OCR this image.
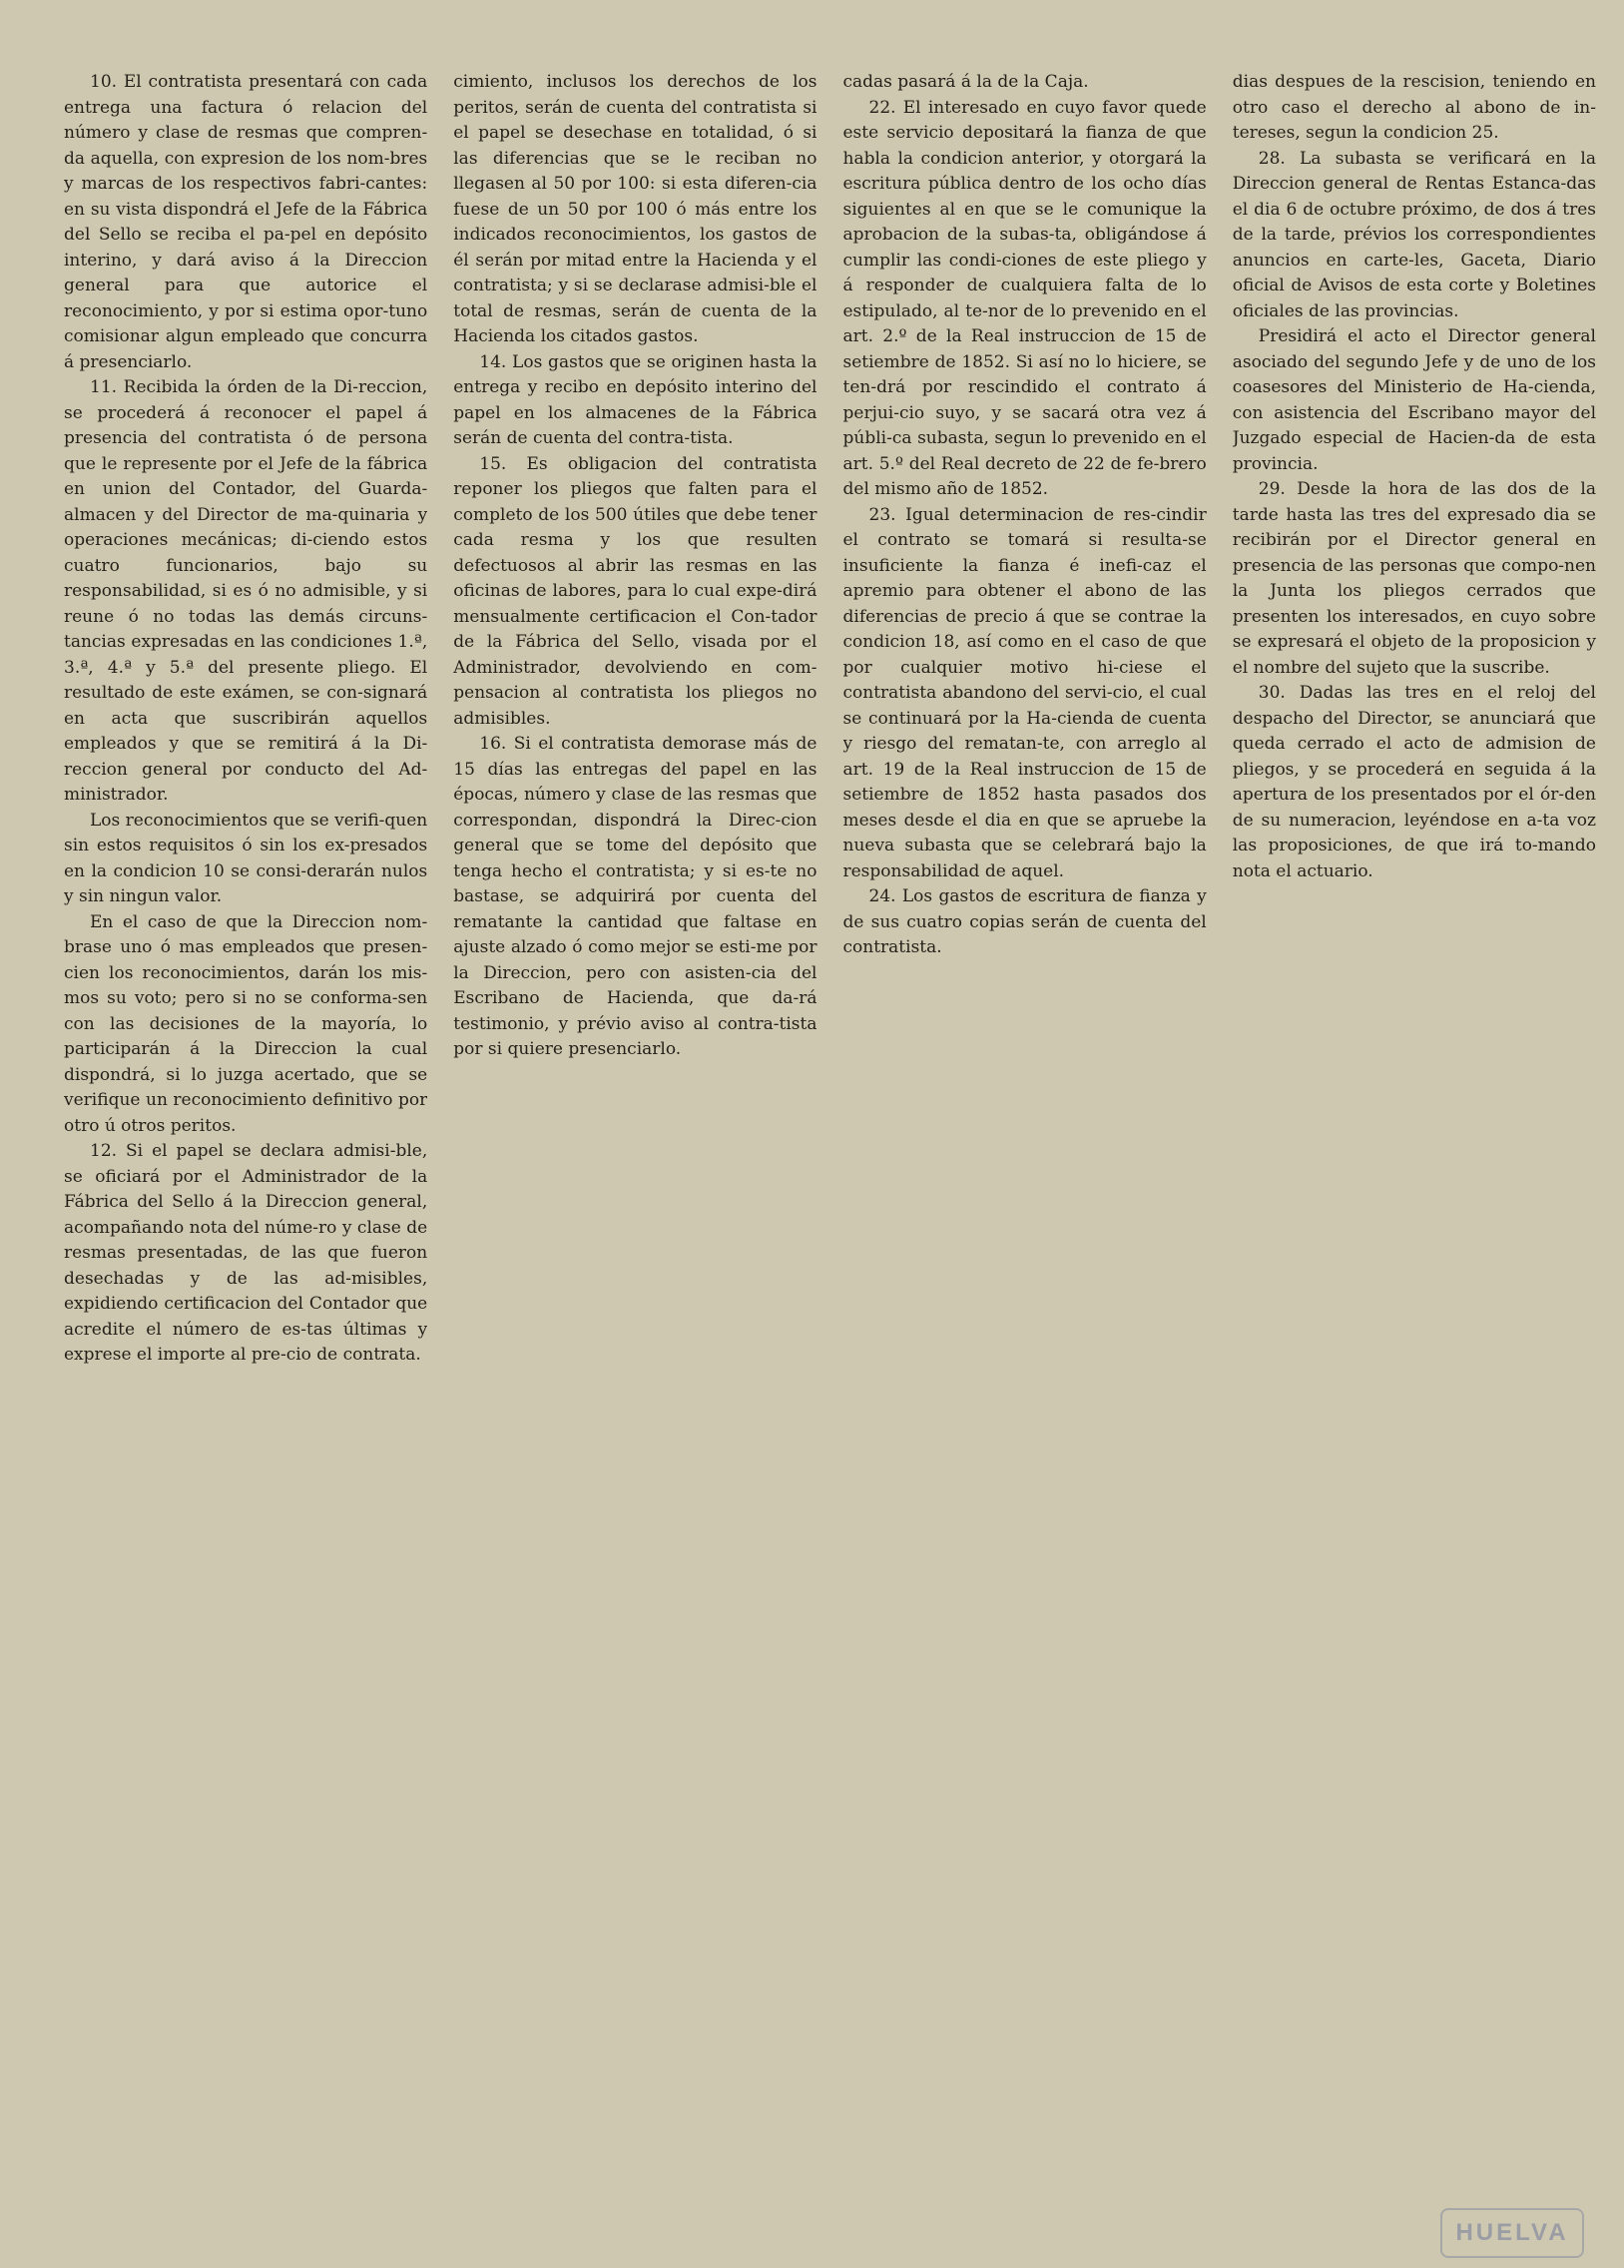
10. El contratista presentará con cada entrega una factura ó relacion del número y clase de resmas que compren-da aquella, con expresion de los nom-bres y marcas de los respectivos fabri-cantes: en su vista dispondrá el Jefe de la Fábrica del Sello se reciba el pa-pel en depósito interino, y dará aviso á la Direccion general para que autorice el reconocimiento, y por si estima opor-tuno comisionar algun empleado que concurra á presenciarlo.

11. Recibida la órden de la Di-reccion, se procederá á reconocer el papel á presencia del contratista ó de persona que le represente por el Jefe de la fábrica en union del Contador, del Guarda-almacen y del Director de ma-quinaria y operaciones mecánicas; di-ciendo estos cuatro funcionarios, bajo su responsabilidad, si es ó no admisible, y si reune ó no todas las demás circuns-tancias expresadas en las condiciones 1.ª, 3.ª, 4.ª y 5.ª del presente pliego. El resultado de este exámen, se con-signará en acta que suscribirán aquellos empleados y que se remitirá á la Di-reccion general por conducto del Ad-ministrador.

Los reconocimientos que se verifi-quen sin estos requisitos ó sin los ex-presados en la condicion 10 se consi-derarán nulos y sin ningun valor.

En el caso de que la Direccion nom-brase uno ó mas empleados que presen-cien los reconocimientos, darán los mis-mos su voto; pero si no se conforma-sen con las decisiones de la mayoría, lo participarán á la Direccion la cual dispondrá, si lo juzga acertado, que se verifique un reconocimiento definitivo por otro ú otros peritos.

12. Si el papel se declara admisi-ble, se oficiará por el Administrador de la Fábrica del Sello á la Direccion general, acompañando nota del núme-ro y clase de resmas presentadas, de las que fueron desechadas y de las ad-misibles, expidiendo certificacion del Contador que acredite el número de es-tas últimas y exprese el importe al pre-cio de contrata.

cimiento, inclusos los derechos de los peritos, serán de cuenta del contratista si el papel se desechase en totalidad, ó si las diferencias que se le reciban no llegasen al 50 por 100: si esta diferen-cia fuese de un 50 por 100 ó más entre los indicados reconocimientos, los gastos de él serán por mitad entre la Hacienda y el contratista; y si se declarase admisi-ble el total de resmas, serán de cuenta de la Hacienda los citados gastos.

14. Los gastos que se originen hasta la entrega y recibo en depósito interino del papel en los almacenes de la Fábrica serán de cuenta del contra-tista.

15. Es obligacion del contratista reponer los pliegos que falten para el completo de los 500 útiles que debe tener cada resma y los que resulten defectuosos al abrir las resmas en las oficinas de labores, para lo cual expe-dirá mensualmente certificacion el Con-tador de la Fábrica del Sello, visada por el Administrador, devolviendo en com-pensacion al contratista los pliegos no admisibles.

16. Si el contratista demorase más de 15 días las entregas del papel en las épocas, número y clase de las resmas que correspondan, dispondrá la Direc-cion general que se tome del depósito que tenga hecho el contratista; y si es-te no bastase, se adquirirá por cuenta del rematante la cantidad que faltase en ajuste alzado ó como mejor se esti-me por la Direccion, pero con asisten-cia del Escribano de Hacienda, que da-rá testimonio, y prévio aviso al contra-tista por si quiere presenciarlo.

cadas pasará á la de la Caja.

22. El interesado en cuyo favor quede este servicio depositará la fianza de que habla la condicion anterior, y otorgará la escritura pública dentro de los ocho días siguientes al en que se le comunique la aprobacion de la subas-ta, obligándose á cumplir las condi-ciones de este pliego y á responder de cualquiera falta de lo estipulado, al te-nor de lo prevenido en el art. 2.º de la Real instruccion de 15 de setiembre de 1852. Si así no lo hiciere, se ten-drá por rescindido el contrato á perjui-cio suyo, y se sacará otra vez á públi-ca subasta, segun lo prevenido en el art. 5.º del Real decreto de 22 de fe-brero del mismo año de 1852.

23. Igual determinacion de res-cindir el contrato se tomará si resulta-se insuficiente la fianza é inefi-caz el apremio para obtener el abono de las diferencias de precio á que se contrae la condicion 18, así como en el caso de que por cualquier motivo hi-ciese el contratista abandono del servi-cio, el cual se continuará por la Ha-cienda de cuenta y riesgo del rematan-te, con arreglo al art. 19 de la Real instruccion de 15 de setiembre de 1852 hasta pasados dos meses desde el dia en que se apruebe la nueva subasta que se celebrará bajo la responsabilidad de aquel.

24. Los gastos de escritura de fianza y de sus cuatro copias serán de cuenta del contratista.

dias despues de la rescision, teniendo en otro caso el derecho al abono de in-tereses, segun la condicion 25.

28. La subasta se verificará en la Direccion general de Rentas Estanca-das el dia 6 de octubre próximo, de dos á tres de la tarde, prévios los correspondientes anuncios en carte-les, Gaceta, Diario oficial de Avisos de esta corte y Boletines oficiales de las provincias.

Presidirá el acto el Director general asociado del segundo Jefe y de uno de los coasesores del Ministerio de Ha-cienda, con asistencia del Escribano mayor del Juzgado especial de Hacien-da de esta provincia.

29. Desde la hora de las dos de la tarde hasta las tres del expresado dia se recibirán por el Director general en presencia de las personas que compo-nen la Junta los pliegos cerrados que presenten los interesados, en cuyo sobre se expresará el objeto de la proposicion y el nombre del sujeto que la suscribe.

30. Dadas las tres en el reloj del despacho del Director, se anunciará que queda cerrado el acto de admision de pliegos, y se procederá en seguida á la apertura de los presentados por el ór-den de su numeracion, leyéndose en a-ta voz las proposiciones, de que irá to-mando nota el actuario.

HUELVA
